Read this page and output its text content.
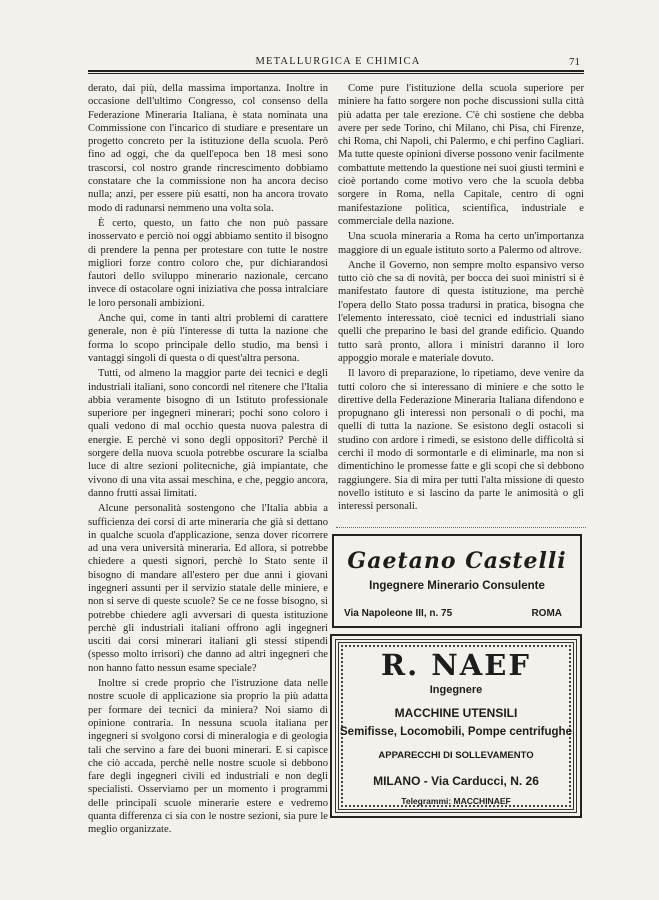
METALLURGICA E CHIMICA	71

derato, dai più, della massima importanza. Inoltre in occasione dell'ultimo Congresso, col consenso della Federazione Mineraria Italiana, è stata nominata una Commissione con l'incarico di studiare e presentare un progetto concreto per la istituzione della scuola. Però fino ad oggi, che da quell'epoca ben 18 mesi sono trascorsi, col nostro grande rincrescimento dobbiamo constatare che la commissione non ha ancora deciso nulla; anzi, per essere più esatti, non ha ancora trovato modo di radunarsi nemmeno una volta sola.

È certo, questo, un fatto che non può passare inosservato e perciò noi oggi abbiamo sentito il bisogno di prendere la penna per protestare con tutte le nostre migliori forze contro coloro che, pur dichiarandosi fautori dello sviluppo minerario nazionale, cercano invece di ostacolare ogni iniziativa che possa intralciare le loro personali ambizioni.

Anche qui, come in tanti altri problemi di carattere generale, non è più l'interesse di tutta la nazione che forma lo scopo principale dello studio, ma bensì i vantaggi singoli di questa o di quest'altra persona.

Tutti, od almeno la maggior parte dei tecnici e degli industriali italiani, sono concordi nel ritenere che l'Italia abbia veramente bisogno di un Istituto professionale superiore per ingegneri minerari; pochi sono coloro i quali vedono di mal occhio questa nuova palestra di energie. E perchè vi sono degli oppositori? Perchè il sorgere della nuova scuola potrebbe oscurare la scialba luce di altre sezioni politecniche, già impiantate, che vivono di una vita assai meschina, e che, peggio ancora, danno frutti assai limitati.

Alcune personalità sostengono che l'Italia abbia a sufficienza dei corsi di arte mineraria che già si dettano in qualche scuola d'applicazione, senza dover ricorrere ad una vera università mineraria. Ed allora, si potrebbe chiedere a questi signori, perchè lo Stato sente il bisogno di mandare all'estero per due anni i giovani ingegneri assunti per il servizio statale delle miniere, e non si serve di queste scuole? Se ce ne fosse bisogno, si potrebbe chiedere agli avversari di questa istituzione perchè gli industriali italiani offrono agli ingegneri usciti dai corsi minerari italiani gli stessi stipendi (spesso molto irrisori) che danno ad altri ingegneri che non hanno fatto nessun esame speciale?

Inoltre si crede proprio che l'istruzione data nelle nostre scuole di applicazione sia proprio la più adatta per formare dei tecnici da miniera? Noi siamo di opinione contraria. In nessuna scuola italiana per ingegneri si svolgono corsi di mineralogia e di geologia tali che servino a fare dei buoni minerari. E si capisce che ciò accada, perchè nelle nostre scuole si debbono fare degli ingegneri civili ed industriali e non degli specialisti. Osserviamo per un momento i programmi delle principali scuole minerarie estere e vedremo quanta differenza ci sia con le nostre sezioni, sia pure le meglio organizzate.

Come pure l'istituzione della scuola superiore per miniere ha fatto sorgere non poche discussioni sulla città più adatta per tale erezione. C'è chi sostiene che debba avere per sede Torino, chi Milano, chi Pisa, chi Firenze, chi Roma, chi Napoli, chi Palermo, e chi perfino Cagliari. Ma tutte queste opinioni diverse possono venir facilmente combattute mettendo la questione nei suoi giusti termini e cioè portando come motivo vero che la scuola debba sorgere in Roma, nella Capitale, centro di ogni manifestazione politica, scientifica, industriale e commerciale della nazione.

Una scuola mineraria a Roma ha certo un'importanza maggiore di un eguale istituto sorto a Palermo od altrove.

Anche il Governo, non sempre molto espansivo verso tutto ciò che sa di novità, per bocca dei suoi ministri si è manifestato fautore di questa istituzione, ma perchè l'opera dello Stato possa tradursi in pratica, bisogna che l'elemento interessato, cioè tecnici ed industriali siano quelli che preparino le basi del grande edificio. Quando tutto sarà pronto, allora i ministri daranno il loro appoggio morale e materiale dovuto.

Il lavoro di preparazione, lo ripetiamo, deve venire da tutti coloro che si interessano di miniere e che sotto le direttive della Federazione Mineraria Italiana difendono e propugnano gli interessi non personali o di pochi, ma quelli di tutta la nazione. Se esistono degli ostacoli si studino con ardore i rimedi, se esistono delle difficoltà si cerchi il modo di sormontarle e di eliminarle, ma non si dimentichino le promesse fatte e gli scopi che si debbono raggiungere. Sia di mira per tutti l'alta missione di questo novello istituto e si lascino da parte le animosità o gli interessi personali.

Gaetano Castelli
Ingegnere Minerario Consulente
Via Napoleone III, n. 75	ROMA
R. NAEF
Ingegnere
MACCHINE UTENSILI
Semifisse, Locomobili, Pompe centrifughe
APPARECCHI DI SOLLEVAMENTO
MILANO - Via Carducci, N. 26
Telegrammi: MACCHINAEF
